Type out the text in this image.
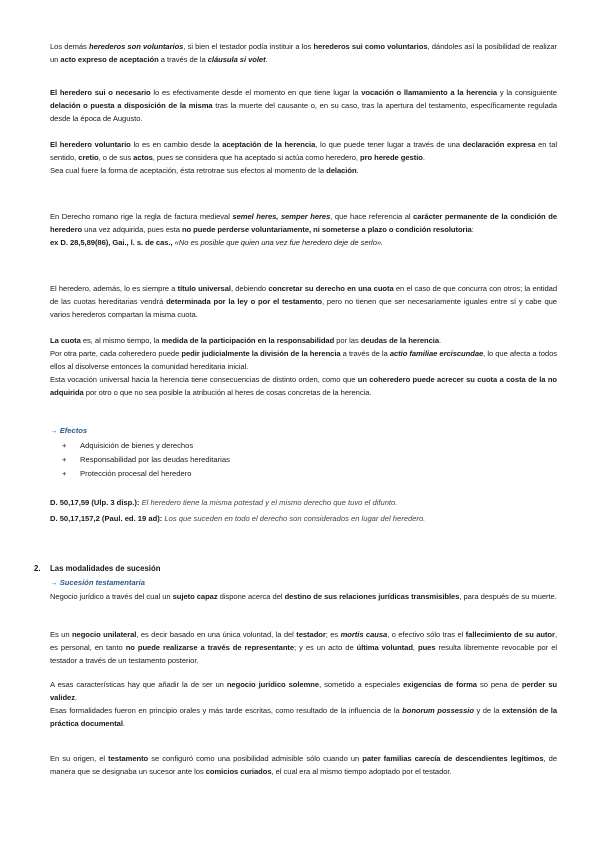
Los demás herederos son voluntarios, si bien el testador podía instituir a los herederos sui como voluntarios, dándoles así la posibilidad de realizar un acto expreso de aceptación a través de la cláusula si volet.
El heredero sui o necesario lo es efectivamente desde el momento en que tiene lugar la vocación o llamamiento a la herencia y la consiguiente delación o puesta a disposición de la misma tras la muerte del causante o, en su caso, tras la apertura del testamento, específicamente regulada desde la época de Augusto.
El heredero voluntario lo es en cambio desde la aceptación de la herencia, lo que puede tener lugar a través de una declaración expresa en tal sentido, cretio, o de sus actos, pues se considera que ha aceptado si actúa como heredero, pro herede gestio.
Sea cual fuere la forma de aceptación, ésta retrotrae sus efectos al momento de la delación.
En Derecho romano rige la regla de factura medieval semel heres, semper heres, que hace referencia al carácter permanente de la condición de heredero una vez adquirida, pues esta no puede perderse voluntariamente, ni someterse a plazo o condición resolutoria:
ex D. 28,5,89(86), Gai., l. s. de cas., «No es posible que quien una vez fue heredero deje de serlo».
El heredero, además, lo es siempre a título universal, debiendo concretar su derecho en una cuota en el caso de que concurra con otros; la entidad de las cuotas hereditarias vendrá determinada por la ley o por el testamento, pero no tienen que ser necesariamente iguales entre sí y cabe que varios herederos compartan la misma cuota.
La cuota es, al mismo tiempo, la medida de la participación en la responsabilidad por las deudas de la herencia.
Por otra parte, cada coheredero puede pedir judicialmente la división de la herencia a través de la actio familiae erciscundae, lo que afecta a todos ellos al disolverse entonces la comunidad hereditaria inicial.
Esta vocación universal hacia la herencia tiene consecuencias de distinto orden, como que un coheredero puede acrecer su cuota a costa de la no adquirida por otro o que no sea posible la atribución al heres de cosas concretas de la herencia.
→ Efectos
+ Adquisición de bienes y derechos
+ Responsabilidad por las deudas hereditarias
+ Protección procesal del heredero
D. 50,17,59 (Ulp. 3 disp.): El heredero tiene la misma potestad y el mismo derecho que tuvo el difunto.
D. 50,17,157,2 (Paul. ed. 19 ad): Los que suceden en todo el derecho son considerados en lugar del heredero.
2. Las modalidades de sucesión
→ Sucesión testamentaria
Negocio jurídico a través del cual un sujeto capaz dispone acerca del destino de sus relaciones jurídicas transmisibles, para después de su muerte.
Es un negocio unilateral, es decir basado en una única voluntad, la del testador; es mortis causa, o efectivo sólo tras el fallecimiento de su autor, es personal, en tanto no puede realizarse a través de representante; y es un acto de última voluntad, pues resulta libremente revocable por el testador a través de un testamento posterior.
A esas características hay que añadir la de ser un negocio jurídico solemne, sometido a especiales exigencias de forma so pena de perder su validez.
Esas formalidades fueron en principio orales y más tarde escritas, como resultado de la influencia de la bonorum possessio y de la extensión de la práctica documental.
En su origen, el testamento se configuró como una posibilidad admisible sólo cuando un pater familias carecía de descendientes legítimos, de manera que se designaba un sucesor ante los comicios curiados, el cual era al mismo tiempo adoptado por el testador.
